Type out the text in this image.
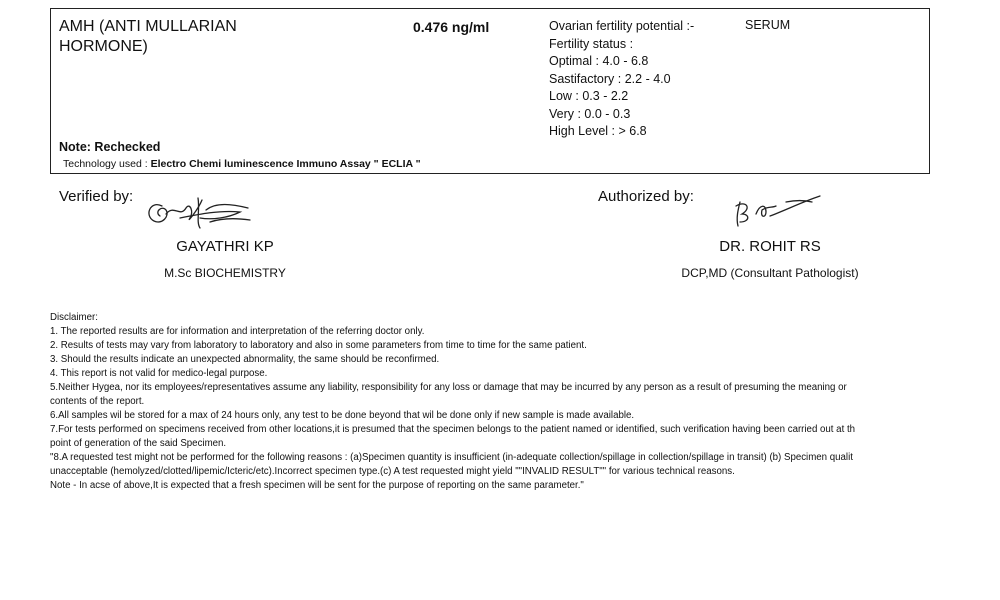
AMH (ANTI MULLARIAN HORMONE)
0.476 ng/ml	Ovarian fertility potential :-
Fertility status :
Optimal : 4.0 - 6.8
Sastifactory : 2.2 - 4.0
Low : 0.3 - 2.2
Very : 0.0 - 0.3
High Level : > 6.8
SERUM
Note: Rechecked
Technology used : Electro Chemi luminescence Immuno Assay " ECLIA "
Verified by:
GAYATHRI KP
M.Sc BIOCHEMISTRY
Authorized by:
DR. ROHIT RS
DCP,MD (Consultant Pathologist)
Disclaimer:
1. The reported results are for information and interpretation of the referring doctor only.
2. Results of tests may vary from laboratory to laboratory and also in some parameters from time to time for the same patient.
3. Should the results indicate an unexpected abnormality, the same should be reconfirmed.
4. This report is not valid for medico-legal purpose.
5.Neither Hygea, nor its employees/representatives assume any liability, responsibility for any loss or damage that may be incurred by any person as a result of presuming the meaning or
contents of the report.
6.All samples wil be stored for a max of 24 hours only, any test to be done beyond that wil be done only if new sample is made available.
7.For tests performed on specimens received from other locations,it is presumed that the specimen belongs to the patient named or identified, such verification having been carried out at th
point of generation of the said Specimen.
"8.A requested test might not be performed for the following reasons : (a)Specimen quantity is insufficient (in-adequate collection/spillage in collection/spillage in transit) (b) Specimen qualit
unacceptable (hemolyzed/clotted/lipemic/Icteric/etc).Incorrect specimen type.(c) A test requested might yield ""INVALID RESULT"" for various technical reasons.
Note - In acse of above,It is expected that a fresh specimen will be sent for the purpose of reporting on the same parameter."
